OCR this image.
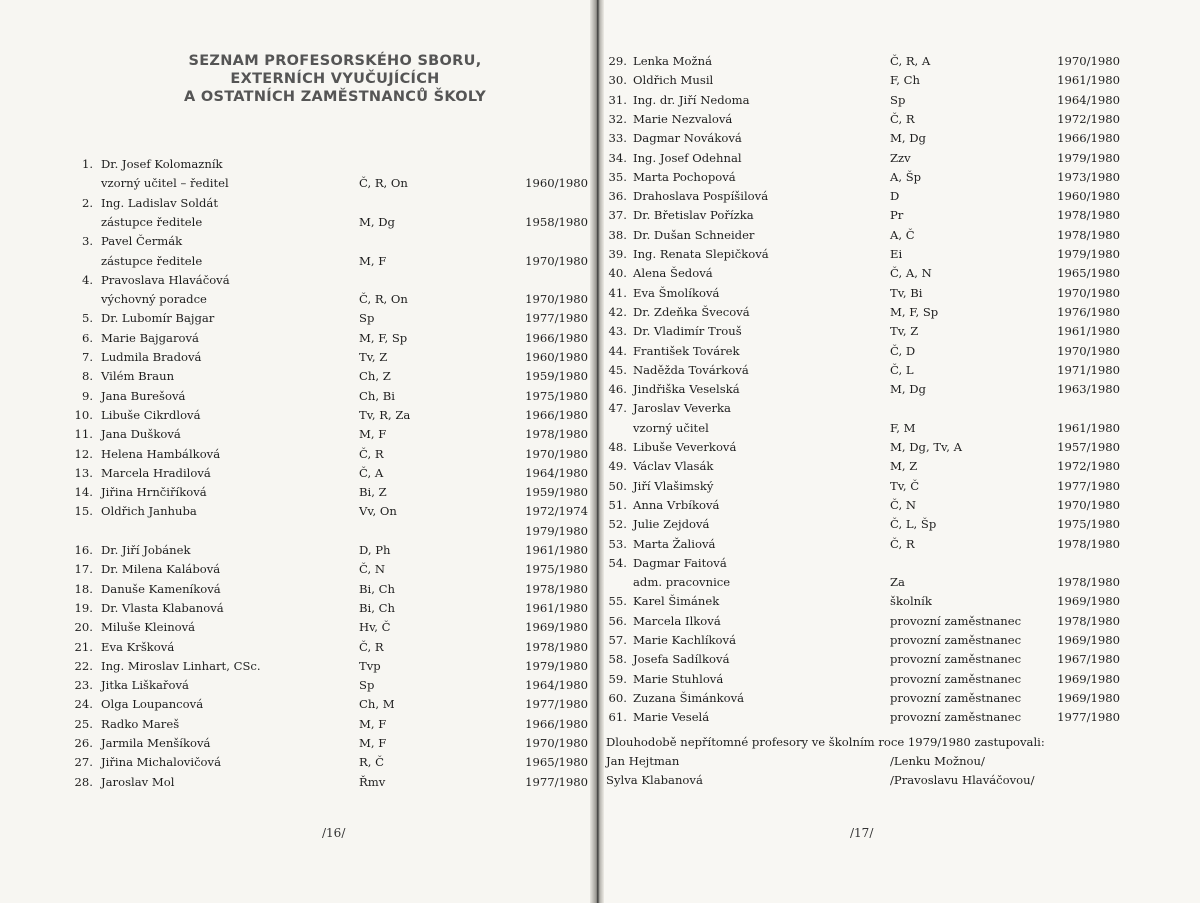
SEZNAM PROFESORSKÉHO SBORU,
EXTERNÍCH VYUČUJÍCÍCH
A OSTATNÍCH ZAMĚSTNANCŮ ŠKOLY
1. Dr. Josef Kolomazník
vzorný učitel – ředitel	Č, R, On	1960/1980
2. Ing. Ladislav Soldát
zástupce ředitele	M, Dg	1958/1980
3. Pavel Čermák
zástupce ředitele	M, F	1970/1980
4. Pravoslava Hlaváčová
výchovný poradce	Č, R, On	1970/1980
5. Dr. Lubomír Bajgar	Sp	1977/1980
6. Marie Bajgarová	M, F, Sp	1966/1980
7. Ludmila Bradová	Tv, Z	1960/1980
8. Vilém Braun	Ch, Z	1959/1980
9. Jana Burešová	Ch, Bi	1975/1980
10. Libuše Cikrdlová	Tv, R, Za	1966/1980
11. Jana Dušková	M, F	1978/1980
12. Helena Hambálková	Č, R	1970/1980
13. Marcela Hradilová	Č, A	1964/1980
14. Jiřina Hrnčiříková	Bi, Z	1959/1980
15. Oldřich Janhuba	Vv, On	1972/1974
1979/1980
16. Dr. Jiří Jobánek	D, Ph	1961/1980
17. Dr. Milena Kalábová	Č, N	1975/1980
18. Danuše Kameníková	Bi, Ch	1978/1980
19. Dr. Vlasta Klabanová	Bi, Ch	1961/1980
20. Miluše Kleinová	Hv, Č	1969/1980
21. Eva Kršková	Č, R	1978/1980
22. Ing. Miroslav Linhart, CSc.	Tvp	1979/1980
23. Jitka Liškařová	Sp	1964/1980
24. Olga Loupancová	Ch, M	1977/1980
25. Radko Mareš	M, F	1966/1980
26. Jarmila Menšíková	M, F	1970/1980
27. Jiřina Michalovičová	R, Č	1965/1980
28. Jaroslav Mol	Řmv	1977/1980
/16/
29. Lenka Možná	Č, R, A	1970/1980
30. Oldřich Musil	F, Ch	1961/1980
31. Ing. dr. Jiří Nedoma	Sp	1964/1980
32. Marie Nezvalová	Č, R	1972/1980
33. Dagmar Nováková	M, Dg	1966/1980
34. Ing. Josef Odehnal	Zzv	1979/1980
35. Marta Pochopová	A, Šp	1973/1980
36. Drahoslava Pospíšilová	D	1960/1980
37. Dr. Břetislav Pořízka	Pr	1978/1980
38. Dr. Dušan Schneider	A, Č	1978/1980
39. Ing. Renata Slepičková	Ei	1979/1980
40. Alena Šedová	Č, A, N	1965/1980
41. Eva Šmolíková	Tv, Bi	1970/1980
42. Dr. Zdeňka Švecová	M, F, Sp	1976/1980
43. Dr. Vladimír Trouš	Tv, Z	1961/1980
44. František Továrek	Č, D	1970/1980
45. Naděžda Továrková	Č, L	1971/1980
46. Jindřiška Veselská	M, Dg	1963/1980
47. Jaroslav Veverka
vzorný učitel	F, M	1961/1980
48. Libuše Veverková	M, Dg, Tv, A	1957/1980
49. Václav Vlasák	M, Z	1972/1980
50. Jiří Vlašimský	Tv, Č	1977/1980
51. Anna Vrbíková	Č, N	1970/1980
52. Julie Zejdová	Č, L, Šp	1975/1980
53. Marta Žaliová	Č, R	1978/1980
54. Dagmar Faitová
adm. pracovnice	Za	1978/1980
55. Karel Šimánek	školník	1969/1980
56. Marcela Ilková	provozní zaměstnanec	1978/1980
57. Marie Kachlíková	provozní zaměstnanec	1969/1980
58. Josefa Sadílková	provozní zaměstnanec	1967/1980
59. Marie Stuhlová	provozní zaměstnanec	1969/1980
60. Zuzana Šimánková	provozní zaměstnanec	1969/1980
61. Marie Veselá	provozní zaměstnanec	1977/1980
Dlouhodobě nepřítomné profesory ve školním roce 1979/1980 zastupovali:
Jan Hejtman	/Lenku Možnou/
Sylva Klabanová	/Pravoslavu Hlaváčovou/
/17/
